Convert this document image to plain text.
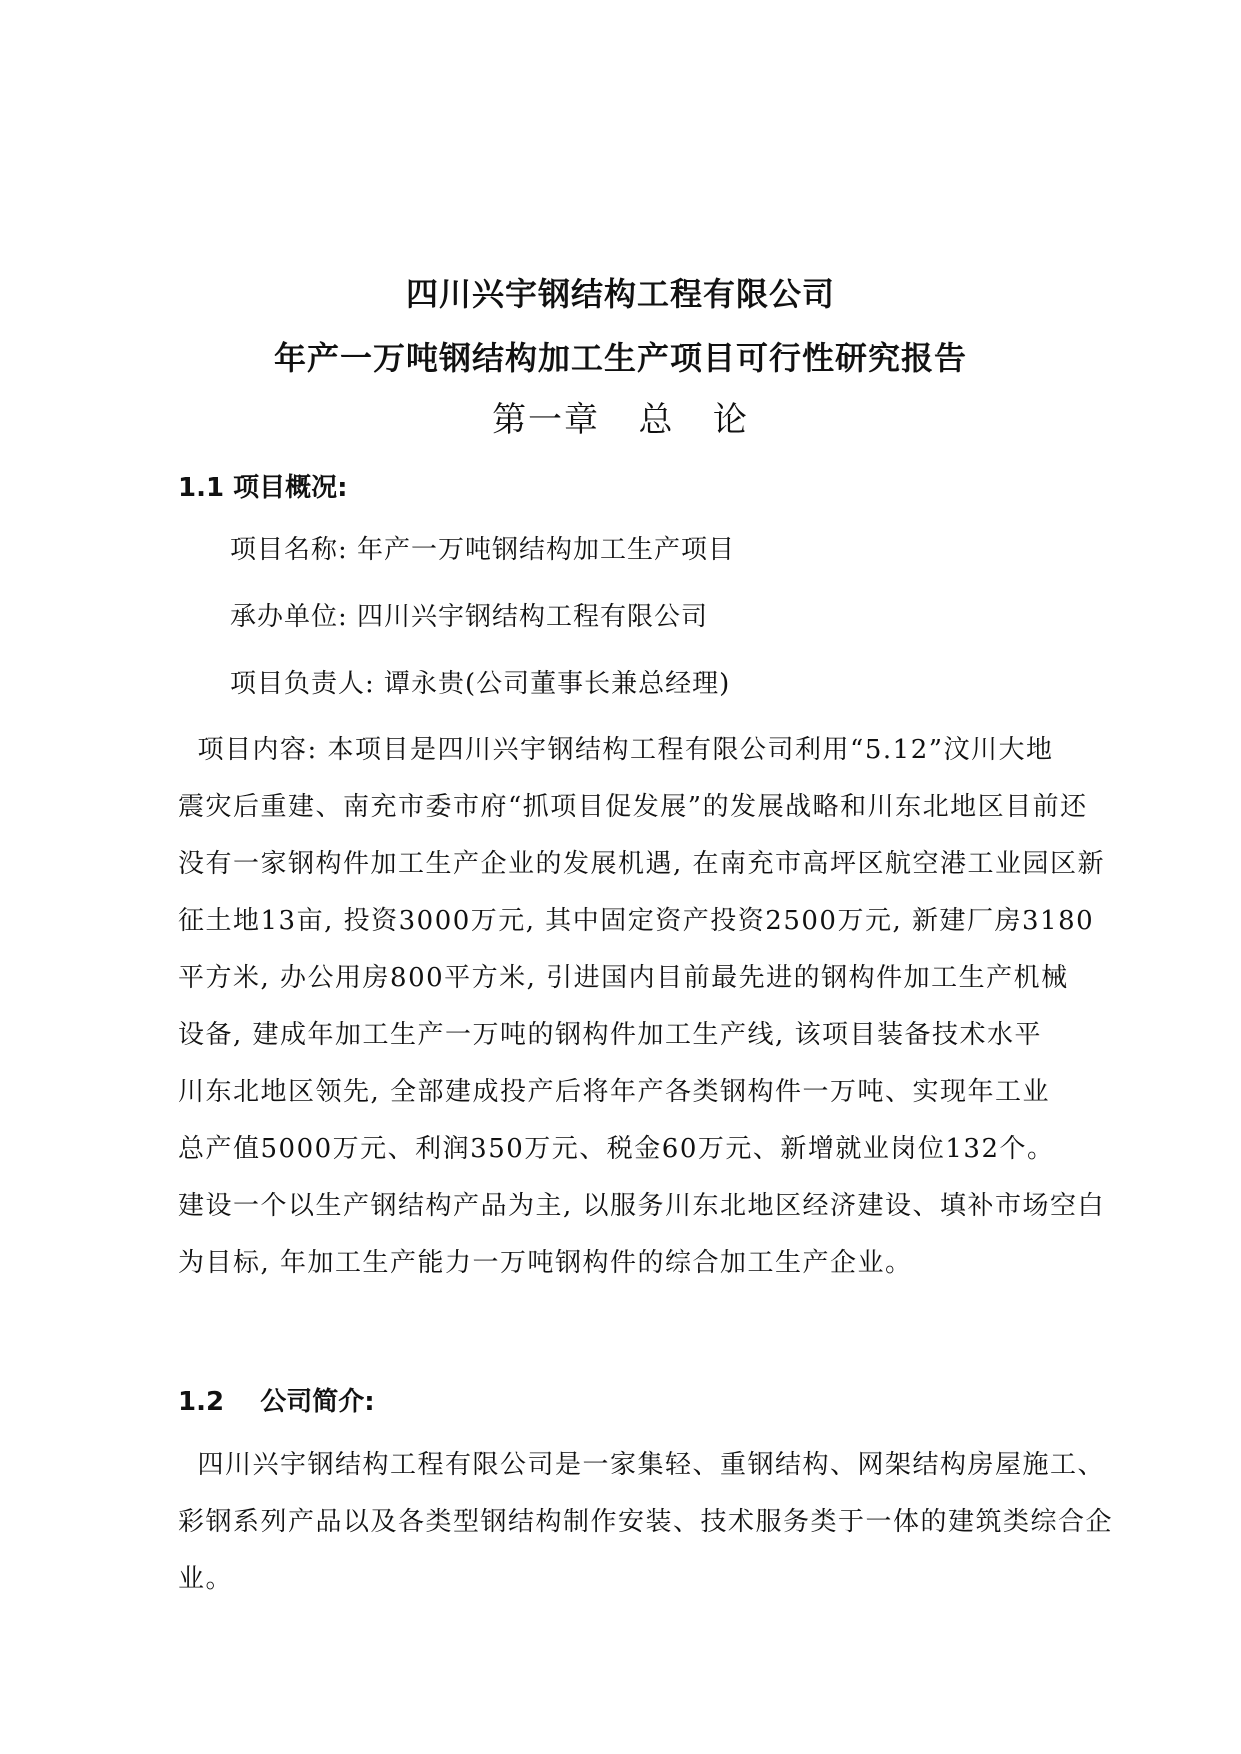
四川兴宇钢结构工程有限公司
年产一万吨钢结构加工生产项目可行性研究报告
第一章   总   论
1.1 项目概况:
项目名称: 年产一万吨钢结构加工生产项目
承办单位: 四川兴宇钢结构工程有限公司
项目负责人: 谭永贵(公司董事长兼总经理)
项目内容: 本项目是四川兴宇钢结构工程有限公司利用“5.12”汶川大地
震灾后重建、南充市委市府“抓项目促发展”的发展战略和川东北地区目前还
没有一家钢构件加工生产企业的发展机遇, 在南充市高坪区航空港工业园区新
征土地13亩, 投资3000万元, 其中固定资产投资2500万元, 新建厂房3180
平方米, 办公用房800平方米, 引进国内目前最先进的钢构件加工生产机械
设备, 建成年加工生产一万吨的钢构件加工生产线, 该项目装备技术水平
川东北地区领先, 全部建成投产后将年产各类钢构件一万吨、实现年工业
总产值5000万元、利润350万元、税金60万元、新增就业岗位132个。
建设一个以生产钢结构产品为主, 以服务川东北地区经济建设、填补市场空白
为目标, 年加工生产能力一万吨钢构件的综合加工生产企业。
1.2    公司简介:
四川兴宇钢结构工程有限公司是一家集轻、重钢结构、网架结构房屋施工、
彩钢系列产品以及各类型钢结构制作安装、技术服务类于一体的建筑类综合企
业。
